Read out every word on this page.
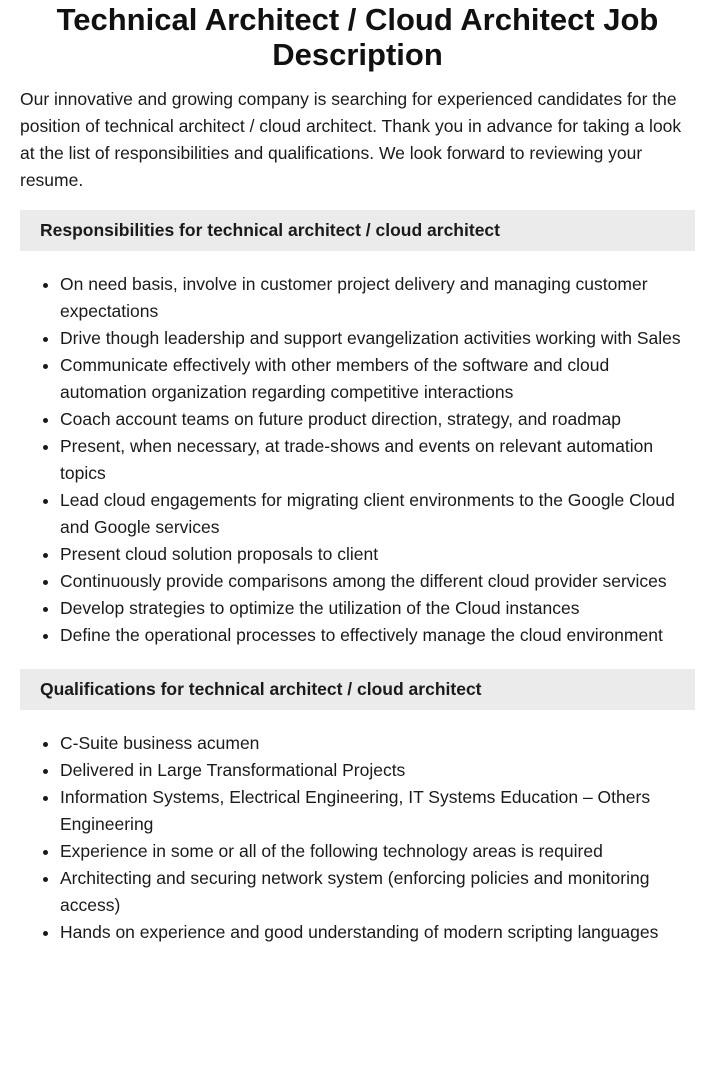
Technical Architect / Cloud Architect Job Description

Our innovative and growing company is searching for experienced candidates for the position of technical architect / cloud architect. Thank you in advance for taking a look at the list of responsibilities and qualifications. We look forward to reviewing your resume.

Responsibilities for technical architect / cloud architect
• On need basis, involve in customer project delivery and managing customer expectations
• Drive though leadership and support evangelization activities working with Sales
• Communicate effectively with other members of the software and cloud automation organization regarding competitive interactions
• Coach account teams on future product direction, strategy, and roadmap
• Present, when necessary, at trade-shows and events on relevant automation topics
• Lead cloud engagements for migrating client environments to the Google Cloud and Google services
• Present cloud solution proposals to client
• Continuously provide comparisons among the different cloud provider services
• Develop strategies to optimize the utilization of the Cloud instances
• Define the operational processes to effectively manage the cloud environment
Qualifications for technical architect / cloud architect
• C-Suite business acumen
• Delivered in Large Transformational Projects
• Information Systems, Electrical Engineering, IT Systems Education – Others Engineering
• Experience in some or all of the following technology areas is required
• Architecting and securing network system (enforcing policies and monitoring access)
• Hands on experience and good understanding of modern scripting languages
